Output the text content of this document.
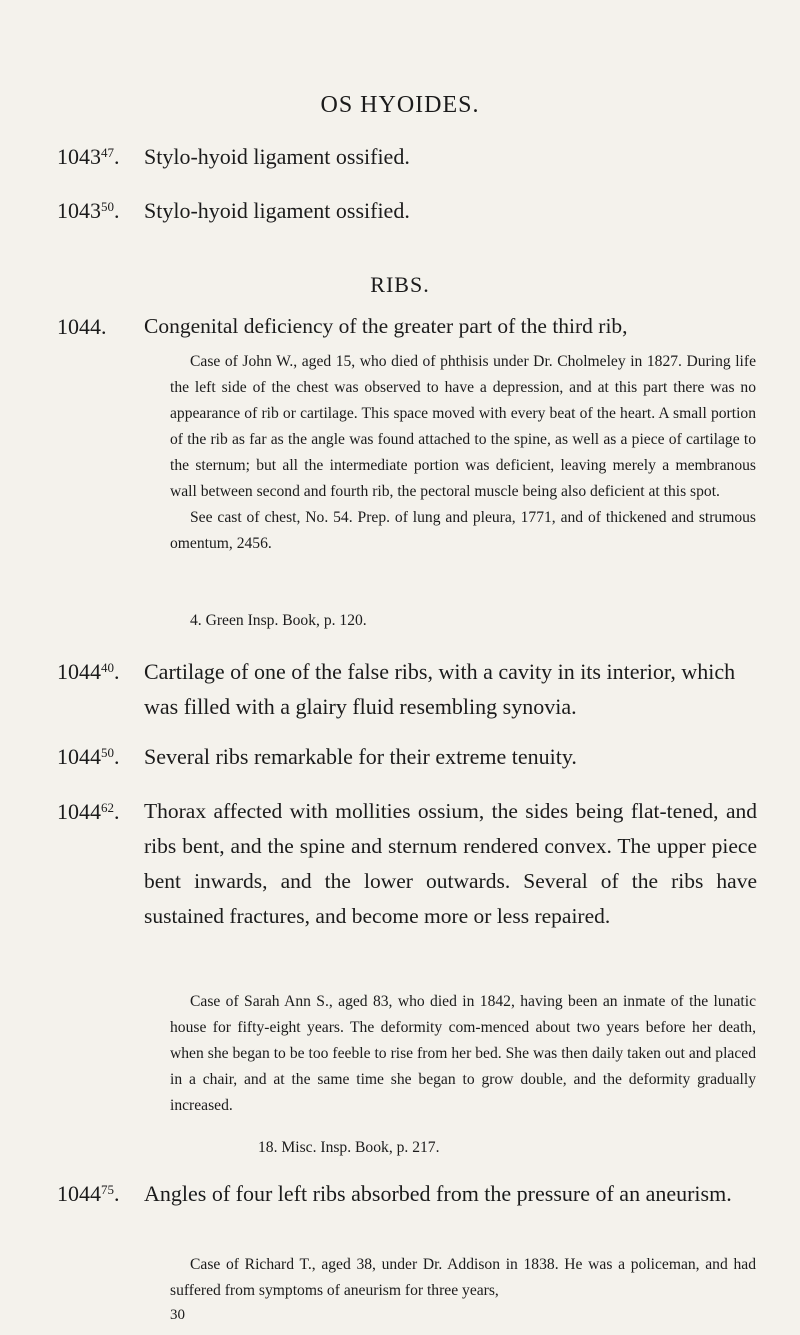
OS HYOIDES.
1043$^{47}$.	Stylo-hyoid ligament ossified.
1043$^{50}$.	Stylo-hyoid ligament ossified.
RIBS.
1044.	Congenital deficiency of the greater part of the third rib,

Case of John W., aged 15, who died of phthisis under Dr. Cholmeley in 1827. During life the left side of the chest was observed to have a depression, and at this part there was no appearance of rib or cartilage. This space moved with every beat of the heart. A small portion of the rib as far as the angle was found attached to the spine, as well as a piece of cartilage to the sternum; but all the intermediate portion was deficient, leaving merely a membranous wall between second and fourth rib, the pectoral muscle being also deficient at this spot.

See cast of chest, No. 54. Prep. of lung and pleura, 1771, and of thickened and strumous omentum, 2456.

4. Green Insp. Book, p. 120.
1044$^{40}$.	Cartilage of one of the false ribs, with a cavity in its interior, which was filled with a glairy fluid resembling synovia.
1044$^{50}$.	Several ribs remarkable for their extreme tenuity.
1044$^{62}$.	Thorax affected with mollities ossium, the sides being flat-tened, and ribs bent, and the spine and sternum rendered convex. The upper piece bent inwards, and the lower outwards. Several of the ribs have sustained fractures, and become more or less repaired.

Case of Sarah Ann S., aged 83, who died in 1842, having been an inmate of the lunatic house for fifty-eight years. The deformity com-menced about two years before her death, when she began to be too feeble to rise from her bed. She was then daily taken out and placed in a chair, and at the same time she began to grow double, and the deformity gradually increased.

18. Misc. Insp. Book, p. 217.
1044$^{75}$.	Angles of four left ribs absorbed from the pressure of an aneurism.

Case of Richard T., aged 38, under Dr. Addison in 1838. He was a policeman, and had suffered from symptoms of aneurism for three years,

30
